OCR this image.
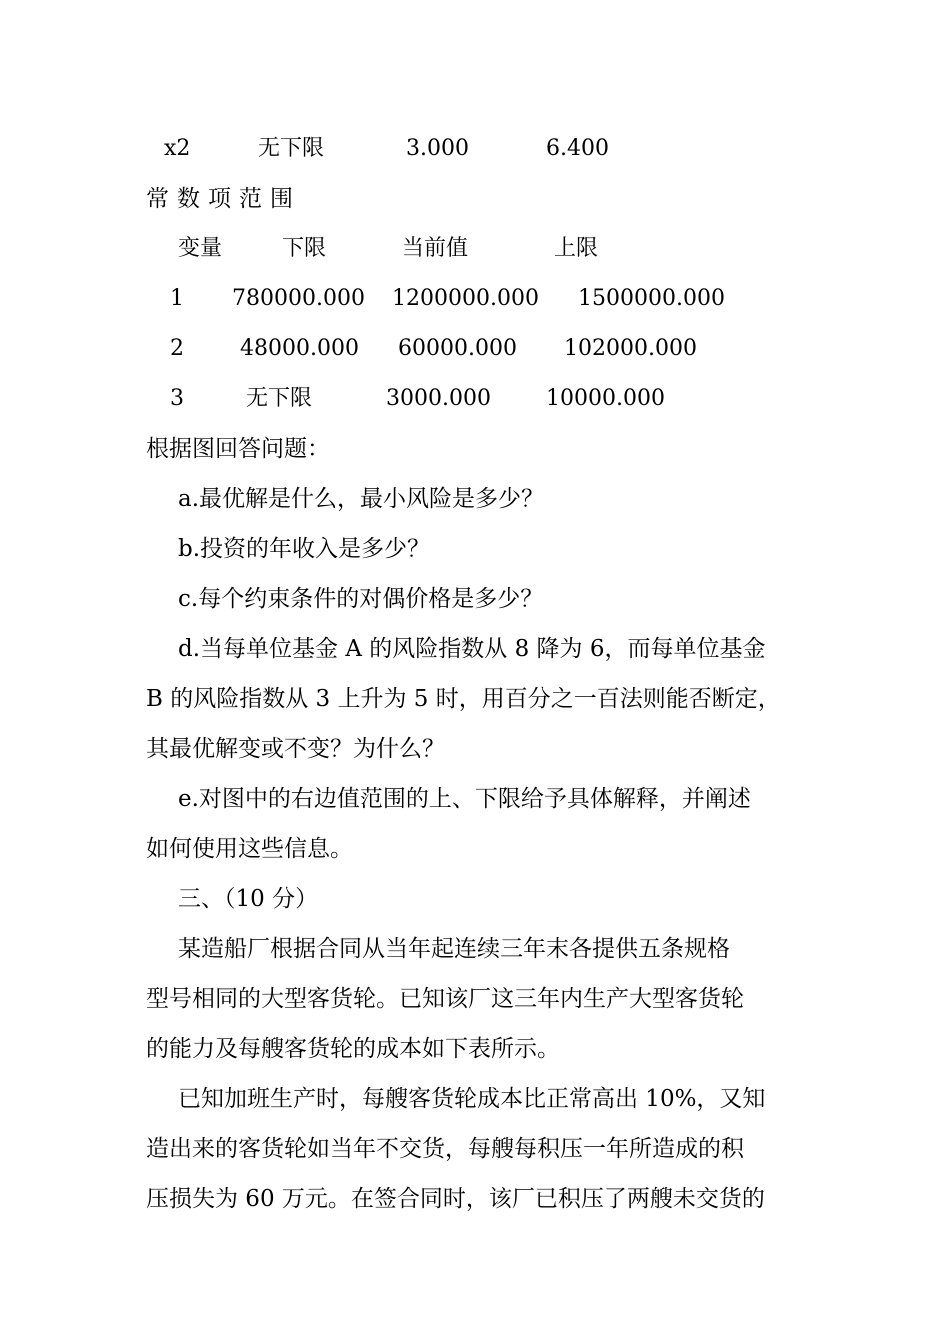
x2	无下限	3.000	6.400
常数项范围
变量	下限	当前值	上限
1 780000.000 1200000.000 1500000.000
2	48000.000 60000.000 102000.000
3	无下限	3000.000	10000.000
根据图回答问题：
a.最优解是什么，最小风险是多少？
b.投资的年收入是多少？
c.每个约束条件的对偶价格是多少？
d.当每单位基金 A 的风险指数从 8 降为 6，而每单位基金
B 的风险指数从 3 上升为 5 时，用百分之一百法则能否断定，
其最优解变或不变？为什么？
e.对图中的右边值范围的上、下限给予具体解释，并阐述
如何使用这些信息。
三、（10 分）
某造船厂根据合同从当年起连续三年末各提供五条规格
型号相同的大型客货轮。已知该厂这三年内生产大型客货轮
的能力及每艘客货轮的成本如下表所示。
已知加班生产时，每艘客货轮成本比正常高出 10%，又知
造出来的客货轮如当年不交货，每艘每积压一年所造成的积
压损失为 60 万元。在签合同时，该厂已积压了两艘未交货的
